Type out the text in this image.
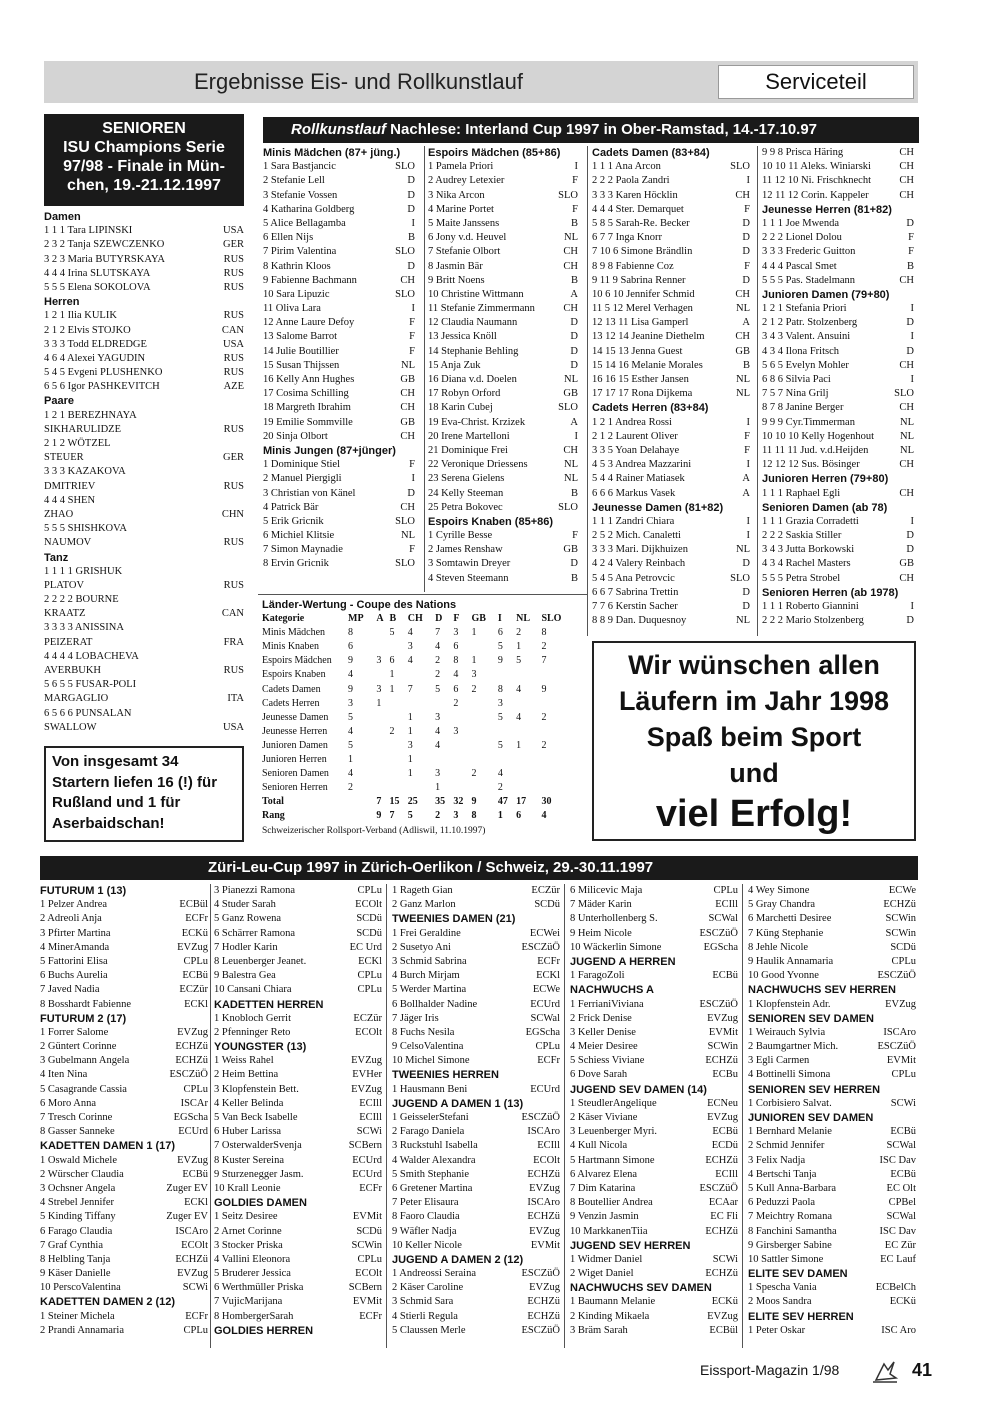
Ergebnisse Eis- und Rollkunstlauf	Serviceteil
SENIOREN
ISU Champions Serie
97/98 - Finale in Mün-
chen, 19.-21.12.1997
Damen
1 1 1 Tara LIPINSKI	USA
2 3 2 Tanja SZEWCZENKO	GER
3 2 3 Maria BUTYRSKAYA	RUS
4 4 4 Irina SLUTSKAYA	RUS
5 5 5 Elena SOKOLOVA	RUS
Herren
1 2 1 Ilia KULIK	RUS
2 1 2 Elvis STOJKO	CAN
3 3 3 Todd ELDREDGE	USA
4 6 4 Alexei YAGUDIN	RUS
5 4 5 Evgeni PLUSHENKO	RUS
6 5 6 Igor PASHKEVITCH	AZE
Paare
1 2 1 BEREZHNAYA
SIKHARULIDZE	RUS
2 1 2 WÖTZEL
STEUER	GER
3 3 3 KAZAKOVA
DMITRIEV	RUS
4 4 4 SHEN
ZHAO	CHN
5 5 5 SHISHKOVA
NAUMOV	RUS
Tanz
1 1 1 1 GRISHUK
PLATOV	RUS
2 2 2 2 BOURNE
KRAATZ	CAN
3 3 3 3 ANISSINA
PEIZERAT	FRA
4 4 4 4 LOBACHEVA
AVERBUKH	RUS
5 6 5 5 FUSAR-POLI
MARGAGLIO	ITA
6 5 6 6 PUNSALAN
SWALLOW	USA
Von insgesamt 34
Startern liefen 16 (!) für
Rußland und 1 für
Aserbaidschan!
Rollkunstlauf Nachlese: Interland Cup 1997 in Ober-Ramstad, 14.-17.10.97
Minis Mädchen (87+ jüng.)
1 Sara Bastjancic	SLO
2 Stefanie Lell	D
3 Stefanie Vossen	D
4 Katharina Goldberg	D
5 Alice Bellagamba	I
6 Ellen Nijs	B
7 Pirim Valentina	SLO
8 Kathrin Kloos	D
9 Fabienne Bachmann	CH
10 Sara Lipuzic	SLO
11 Oliva Lara	I
12 Anne Laure Defoy	F
13 Salome Barrot	F
14 Julie Boutillier	F
15 Susan Thijssen	NL
16 Kelly Ann Hughes	GB
17 Cosima Schilling	CH
18 Margreth Ibrahim	CH
19 Emilie Sommville	GB
20 Sinja Olbort	CH
Minis Jungen (87+jünger)
1 Dominique Stiel	F
2 Manuel Piergigli	I
3 Christian von Känel	D
4 Patrick Bär	CH
5 Erik Gricnik	SLO
6 Michiel Klitsie	NL
7 Simon Maynadie	F
8 Ervin Gricnik	SLO
Espoirs Mädchen (85+86)
1 Pamela Priori	I
2 Audrey Letexier	F
3 Nika Arcon	SLO
4 Marine Portet	F
5 Maite Janssens	B
6 Jony v.d. Heuvel	NL
7 Stefanie Olbort	CH
8 Jasmin Bär	CH
9 Britt Noens	B
10 Christine Wittmann	A
11 Stefanie Zimmermann	CH
12 Claudia Naumann	D
13 Jessica Knöll	D
14 Stephanie Behling	D
15 Anja Zuk	D
16 Diana v.d. Doelen	NL
17 Robyn Orford	GB
18 Karin Cubej	SLO
19 Eva-Christ. Krzizek	A
20 Irene Martelloni	I
21 Dominique Frei	CH
22 Veronique Driessens	NL
23 Serena Gielens	NL
24 Kelly Steeman	B
25 Petra Bokovec	SLO
Espoirs Knaben (85+86)
1 Cyrille Besse	F
2 James Renshaw	GB
3 Somtawin Dreyer	D
4 Steven Steemann	B
Cadets Damen (83+84)
1 1 1 Ana Arcon	SLO
2 2 2 Paola Zandri	I
3 3 3 Karen Höcklin	CH
4 4 4 Ster. Demarquet	F
5 8 5 Sarah-Re. Becker	D
6 7 7 Inga Knorr	D
7 10 6 Simone Brändlin	D
8 9 8 Fabienne Coz	F
9 11 9 Sabrina Renner	D
10 6 10 Jennifer Schmid	CH
11 5 12 Merel Verhagen	NL
12 13 11 Lisa Gamperl	A
13 12 14 Jeanine Diethelm	CH
14 15 13 Jenna Guest	GB
15 14 16 Melanie Morales	B
16 16 15 Esther Jansen	NL
17 17 17 Rona Dijkema	NL
Cadets Herren (83+84)
1 2 1 Andrea Rossi	I
2 1 2 Laurent Oliver	F
3 3 5 Yoan Delahaye	F
4 5 3 Andrea Mazzarini	I
5 4 4 Rainer Matiasek	A
6 6 6 Markus Vasek	A
Jeunesse Damen (81+82)
1 1 1 Zandri Chiara	I
2 5 2 Mich. Canaletti	I
3 3 3 Mari. Dijkhuizen	NL
4 2 4 Valery Reinbach	D
5 4 5 Ana Petrovcic	SLO
6 6 7 Sabrina Trettin	D
7 7 6 Kerstin Sacher	D
8 8 9 Dan. Duquesnoy	NL
9 9 8 Prisca Häring	CH
10 10 11 Aleks. Winiarski	CH
11 12 10 Ni. Frischknecht	CH
12 11 12 Corin. Kappeler	CH
Jeunesse Herren (81+82)
1 1 1 Joe Mwenda	D
2 2 2 Lionel Dolou	F
3 3 3 Frederic Guitton	F
4 4 4 Pascal Smet	B
5 5 5 Pas. Stadelmann	CH
Junioren Damen (79+80)
1 2 1 Stefania Priori	I
2 1 2 Patr. Stolzenberg	D
3 4 3 Valent. Ansuini	I
4 3 4 Ilona Fritsch	D
5 6 5 Evelyn Mohler	CH
6 8 6 Silvia Paci	I
7 5 7 Nina Grilj	SLO
8 7 8 Janine Berger	CH
9 9 9 Cyr.Timmerman	NL
10 10 10 Kelly Hogenhout NL
11 11 11 Jud. v.d.Heijden	NL
12 12 12 Sus. Bösinger	CH
Junioren Herren (79+80)
1 1 1 Raphael Egli	CH
Senioren Damen (ab 78)
1 1 1 Grazia Corradetti	I
2 2 2 Saskia Stiller	D
3 4 3 Jutta Borkowski	D
4 3 4 Rachel Masters	GB
5 5 5 Petra Strobel	CH
Senioren Herren (ab 1978)
1 1 1 Roberto Giannini	I
2 2 2 Mario Stolzenberg	D
Länder-Wertung - Coupe des Nations
Kategorie	MP	A	B	CH	D	F	GB	I	NL	SLO
Minis Mädchen	8		5	4	7	3	1	6	2	8
Minis Knaben	6			3	4	6		5	1	2
Espoirs Mädchen	9	3	6	4	2	8	1	9	5	7
Espoirs Knaben	4		1		2	4	3			
Cadets Damen	9	3	1	7	5	6	2	8	4	9
Cadets Herren	3	1				2		3		
Jeunesse Damen	5			1	3			5	4	2
Jeunesse Herren	4		2	1	4	3				
Junioren Damen	5			3	4			5	1	2
Junioren Herren	1			1						
Senioren Damen	4			1	3		2	4		
Senioren Herren	2				1			2		
Total		7	15	25	35	32	9	47	17	30
Rang		9	7	5	2	3	8	1	6	4
Schweizerischer Rollsport-Verband (Adliswil, 11.10.1997)
Wir wünschen allen
Läufern im Jahr 1998
Spaß beim Sport
und
viel Erfolg!
Züri-Leu-Cup 1997 in Zürich-Oerlikon / Schweiz, 29.-30.11.1997
FUTURUM 1 (13)
1 Pelzer Andrea	ECBül
2 Adreoli Anja	ECFr
3 Pfirter Martina	ECKü
4 MinerAmanda	EVZug
5 Fattorini Elisa	CPLu
6 Buchs Aurelia	ECBü
7 Javed Nadia	ECZür
8 Bosshardt Fabienne	ECKl
FUTURUM 2 (17)
1 Forrer Salome	EVZug
2 Güntert Corinne	ECHZü
3 Gubelmann Angela	ECHZü
4 Iten Nina	ESCZüÖ
5 Casagrande Cassia	CPLu
6 Moro Anna	ISCAr
7 Tresch Corinne	EGScha
8 Gasser Sanneke	ECUrd
KADETTEN DAMEN 1 (17)
1 Oswald Michele	EVZug
2 Würscher Claudia	ECBü
3 Ochsner Angela	Zuger EV
4 Strebel Jennifer	ECKl
5 Kinding Tiffany	Zuger EV
6 Farago Claudia	ISCAro
7 Graf Cynthia	ECOlt
8 Helbling Tanja	ECHZü
9 Käser Danielle	EVZug
10 PerscoValentina	SCWi
KADETTEN DAMEN 2 (12)
1 Steiner Michela	ECFr
2 Prandi Annamaria	CPLu
3 Pianezzi Ramona	CPLu
4 Studer Sarah	ECOlt
5 Ganz Rowena	SCDü
6 Schärrer Ramona	SCDü
7 Hodler Karin	EC Urd
8 Leuenberger Jeanet.	ECKl
9 Balestra Gea	CPLu
10 Cansani Chiara	CPLu
KADETTEN HERREN
1 Knobloch Gerrit	ECZür
2 Pfenninger Reto	ECOlt
YOUNGSTER (13)
1 Weiss Rahel	EVZug
2 Heim Bettina	EVHer
3 Klopfenstein Bett.	EVZug
4 Keller Belinda	ECIll
5 Van Beck Isabelle	ECIll
6 Huber Larissa	SCWi
7 OsterwalderSvenja	SCBern
8 Kuster Sereina	ECUrd
9 Sturzenegger Jasm.	ECUrd
10 Krall Leonie	ECFr
GOLDIES DAMEN
1 Seitz Desiree	EVMit
2 Arnet Corinne	SCDü
3 Stocker Priska	SCWin
4 Vallini Eleonora	CPLu
5 Bruderer Jessica	ECOlt
6 Werthmüller Priska	SCBern
7 VujicMarijana	EVMit
8 HombergerSarah	ECFr
GOLDIES HERREN
1 Rageth Gian	ECZür
2 Ganz Marlon	SCDü
TWEENIES DAMEN (21)
1 Frei Geraldine	ECWei
2 Susetyo Ani	ESCZüÖ
3 Schmid Sabrina	ECFr
4 Burch Mirjam	ECKl
5 Werder Martina	ECWe
6 Bollhalder Nadine	ECUrd
7 Jäger Iris	SCWal
8 Fuchs Nesila	EGScha
9 CelsoValentina	CPLu
10 Michel Simone	ECFr
TWEENIES HERREN
1 Hausmann Beni	ECUrd
JUGEND A DAMEN 1 (13)
1 GeisselerStefani	ESCZüÖ
2 Farago Daniela	ISCAro
3 Ruckstuhl Isabella	ECIll
4 Walder Alexandra	ECOlt
5 Smith Stephanie	ECHZü
6 Gretener Martina	EVZug
7 Peter Elisaura	ISCAro
8 Faoro Claudia	ECHZü
9 Wäfler Nadja	EVZug
10 Keller Nicole	EVMit
JUGEND A DAMEN 2 (12)
1 Andreossi Seraina	ESCZüÖ
2 Käser Caroline	EVZug
3 Schmid Sara	ECHZü
4 Stierli Regula	ECHZü
5 Claussen Merle	ESCZüÖ
6 Milicevic Maja	CPLu
7 Mäder Karin	ECIll
8 Unterhollenberg S.	SCWal
9 Heim Nicole	ESCZüÖ
10 Wäckerlin Simone	EGScha
JUGEND A HERREN
1 FaragoZoli	ECBü
NACHWUCHS A
1 FerrianiViviana	ESCZüÖ
2 Frick Denise	EVZug
3 Keller Denise	EVMit
4 Meier Desiree	SCWin
5 Schiess Viviane	ECHZü
6 Dove Sarah	ECBu
JUGEND SEV DAMEN (14)
1 SteudlerAngelique	ECNeu
2 Käser Viviane	EVZug
3 Leuenberger Myri.	ECBü
4 Kull Nicola	ECDü
5 Hartmann Simone	ECHZü
6 Alvarez Elena	ECIll
7 Dim Katarina	ESCZüÖ
8 Boutellier Andrea	ECAar
9 Venzin Jasmin	EC Fli
10 MarkkanenTiia	ECHZü
JUGEND SEV HERREN
1 Widmer Daniel	SCWi
2 Wiget Daniel	ECHZü
NACHWUCHS SEV DAMEN
1 Baumann Melanie	ECKü
2 Kinding Mikaela	EVZug
3 Bräm Sarah	ECBül
4 Wey Simone	ECWe
5 Gray Chandra	ECHZü
6 Marchetti Desiree	SCWin
7 Küng Stephanie	SCWin
8 Jehle Nicole	SCDü
9 Haulik Annamaria	CPLu
10 Good Yvonne	ESCZüÖ
NACHWUCHS SEV HERREN
1 Klopfenstein Adr.	EVZug
SENIOREN SEV DAMEN
1 Weirauch Sylvia	ISCAro
2 Baumgartner Mich.	ESCZüÖ
3 Egli Carmen	EVMit
4 Bottinelli Simona	CPLu
SENIOREN SEV HERREN
1 Corbisiero Salvat.	SCWi
JUNIOREN SEV DAMEN
1 Bernhard Melanie	ECBü
2 Schmid Jennifer	SCWal
3 Felix Nadja	ISC Dav
4 Bertschi Tanja	ECBü
5 Kull Anna-Barbara	EC Olt
6 Peduzzi Paola	CPBel
7 Meichtry Romana	SCWal
8 Fanchini Samantha	ISC Dav
9 Girsberger Sabine	EC Zür
10 Sattler Simone	EC Lauf
ELITE SEV DAMEN
1 Spescha Vania	ECBelCh
2 Moos Sandra	ECKü
ELITE SEV HERREN
1 Peter Oskar	ISC Aro
Eissport-Magazin 1/98	41
